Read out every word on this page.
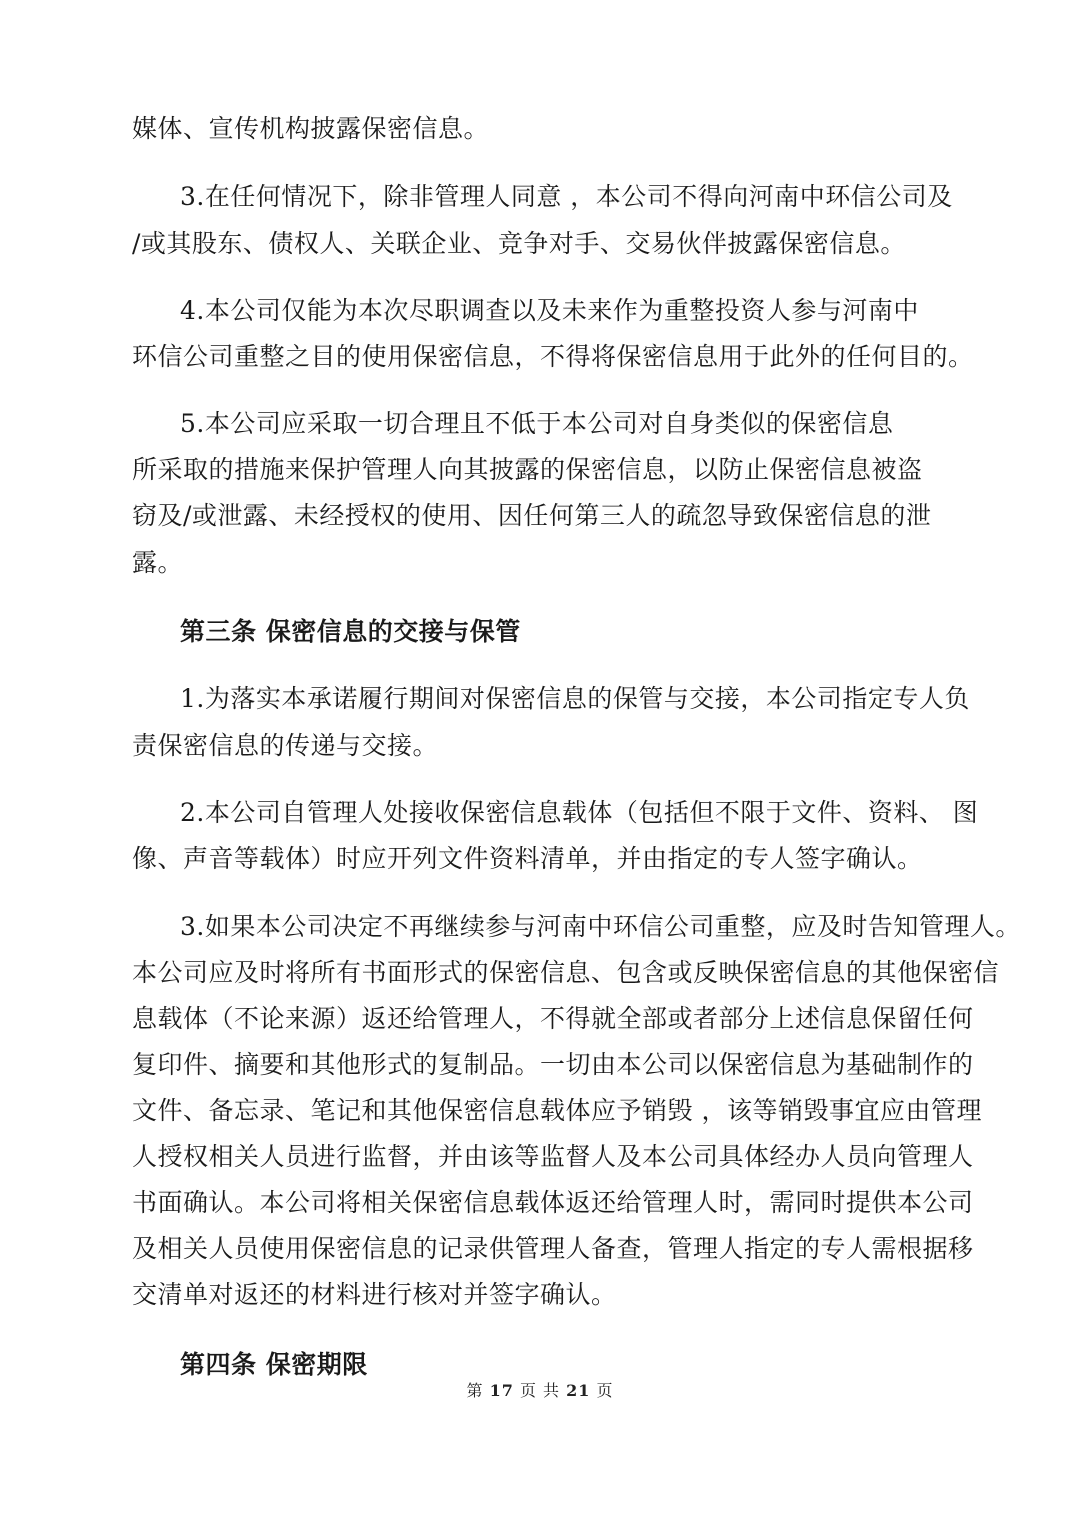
媒体、宣传机构披露保密信息。
3.在任何情况下，除非管理人同意 ，本公司不得向河南中环信公司及
/或其股东、债权人、关联企业、竞争对手、交易伙伴披露保密信息。
4.本公司仅能为本次尽职调查以及未来作为重整投资人参与河南中
环信公司重整之目的使用保密信息，不得将保密信息用于此外的任何目的。
5.本公司应采取一切合理且不低于本公司对自身类似的保密信息
所采取的措施来保护管理人向其披露的保密信息，以防止保密信息被盗
窃及/或泄露、未经授权的使用、因任何第三人的疏忽导致保密信息的泄
露。
第三条 保密信息的交接与保管
1.为落实本承诺履行期间对保密信息的保管与交接，本公司指定专人负
责保密信息的传递与交接。
2.本公司自管理人处接收保密信息载体（包括但不限于文件、资料、 图
像、声音等载体）时应开列文件资料清单，并由指定的专人签字确认。
3.如果本公司决定不再继续参与河南中环信公司重整，应及时告知管理人。
本公司应及时将所有书面形式的保密信息、包含或反映保密信息的其他保密信
息载体（不论来源）返还给管理人，不得就全部或者部分上述信息保留任何
复印件、摘要和其他形式的复制品。一切由本公司以保密信息为基础制作的
文件、备忘录、笔记和其他保密信息载体应予销毁 ，该等销毁事宜应由管理
人授权相关人员进行监督，并由该等监督人及本公司具体经办人员向管理人
书面确认。本公司将相关保密信息载体返还给管理人时，需同时提供本公司
及相关人员使用保密信息的记录供管理人备查，管理人指定的专人需根据移
交清单对返还的材料进行核对并签字确认。
第四条 保密期限
第 17 页 共 21 页
